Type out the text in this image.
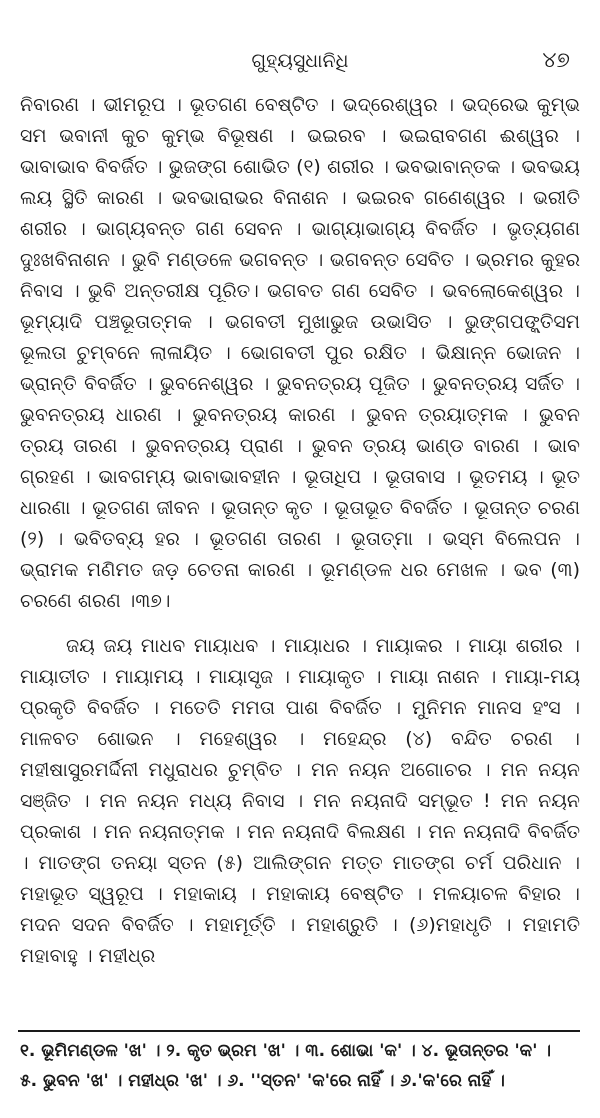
ଗୁହ୍ୟସୁଧାନିଧି	୪୭

ନିବାରଣ । ଭୀମରୂପ । ଭୂତଗଣ ବେଷ୍ଟିତ । ଭଦ୍ରେଶ୍ୱର । ଭଦ୍ରେଭ କୁମ୍ଭ ସମ ଭବାନୀ କୁଚ କୁମ୍ଭ ବିଭୂଷଣ । ଭଇରବ । ଭଇରାବଗଣ ଈଶ୍ୱର । ଭାବାଭାବ ବିବର୍ଜିତ । ଭୁଜଙ୍ଗ ଶୋଭିତ (୧) ଶରୀର । ଭବଭାବାନ୍ତକ । ଭବଭୟ ଲୟ ସ୍ଥିତି କାରଣ । ଭବଭାରାଭର ବିନାଶନ । ଭଇରବ ଗଣେଶ୍ୱର । ଭରୀତି ଶରୀର । ଭାଗ୍ୟବନ୍ତ ଗଣ ସେବନ । ଭାଗ୍ୟାଭାଗ୍ୟ ବିବର୍ଜିତ । ଭୃତ୍ୟଗଣ ଦୁଃଖବିନାଶନ । ଭୁବି ମଣ୍ଡଳେ ଭଗବନ୍ତ । ଭଗବନ୍ତ ସେବିତ । ଭ୍ରମର କୁହର ନିବାସ । ଭୁବି ଅନ୍ତରୀକ୍ଷ ପୂରିତ। ଭଗବତ ଗଣ ସେବିତ । ଭବଲୋକେଶ୍ୱର । ଭୂମ୍ୟାଦି ପଞ୍ଚଭୂତାତ୍ମକ । ଭଗବତୀ ମୁଖାଭୁଜ ଉଭାସିତ । ଭୁଙ୍ଗପଙ୍କ୍ତିସମ ଭୂଲତା ଚୁମ୍ବନେ ଲାଳାୟିତ । ଭୋଗବତୀ ପୁର ରକ୍ଷିତ । ଭିକ୍ଷାନ୍ନ ଭୋଜନ । ଭ୍ରାନ୍ତି ବିବର୍ଜିତ । ଭୁବନେଶ୍ୱର । ଭୁବନତ୍ରୟ ପୂଜିତ । ଭୁବନତ୍ରୟ ସର୍ଜିତ । ଭୁବନତ୍ରୟ ଧାରଣ । ଭୁବନତ୍ରୟ କାରଣ । ଭୁବନ ତ୍ରୟାତ୍ମକ । ଭୁବନ ତ୍ରୟ ତାରଣ । ଭୁବନତ୍ରୟ ପ୍ରାଣ । ଭୁବନ ତ୍ରୟ ଭାଣ୍ଡ ବାରଣ । ଭାବ ଗ୍ରହଣ । ଭାବଗମ୍ୟ ଭାବାଭାବହୀନ । ଭୂତାଧିପ । ଭୂତାବାସ । ଭୂତମୟ । ଭୂତ ଧାରଣା । ଭୂତଗଣ ଜୀବନ । ଭୂତାନ୍ତ କୃତ । ଭୂତାଭୂତ ବିବର୍ଜିତ । ଭୂତାନ୍ତ ଚରଣ (୨) । ଭବିତବ୍ୟ ହର । ଭୂତଗଣ ତାରଣ । ଭୂତାତ୍ମା । ଭସ୍ମ ବିଲେପନ । ଭ୍ରାମକ ମଣିମତ ଜଡ଼ ଚେତନା କାରଣ । ଭୂମଣ୍ଡଳ ଧର ମେଖଳ । ଭବ (୩) ଚରଣେ ଶରଣ ।୩୭।

ଜୟ ଜୟ ମାଧବ ମାୟାଧବ । ମାୟାଧର । ମାୟାକର । ମାୟା ଶରୀର । ମାୟାତୀତ । ମାୟାମୟ । ମାୟାସୃଜ । ମାୟାକୃତ । ମାୟା ନାଶନ । ମାୟା-ମୟ ପ୍ରକୃତି ବିବର୍ଜିତ । ମତେତି ମମତା ପାଶ ବିବର୍ଜିତ । ମୁନିମନ ମାନସ ହଂସ । ମାଳବତ ଶୋଭନ । ମହେଶ୍ୱର । ମହେନ୍ଦ୍ର (୪) ବନ୍ଦିତ ଚରଣ । ମହୀଷାସୁରମର୍ଦ୍ଦିନୀ ମଧୁରାଧର ଚୁମ୍ବିତ । ମନ ନୟନ ଅଗୋଚର । ମନ ନୟନ ସଞ୍ଜିତ । ମନ ନୟନ ମଧ୍ୟ ନିବାସ । ମନ ନୟନାଦି ସମ୍ଭୂତ ! ମନ ନୟନ ପ୍ରକାଶ । ମନ ନୟନାତ୍ମକ । ମନ ନୟନାଦି ବିଲକ୍ଷଣ । ମନ ନୟନାଦି ବିବର୍ଜିତ । ମାତଙ୍ଗ ତନୟା ସ୍ତନ (୫) ଆଲିଙ୍ଗନ ମତ୍ତ ମାତଙ୍ଗ ଚର୍ମ ପରିଧାନ । ମହାଭୂତ ସ୍ୱରୂପ । ମହାକାୟ । ମହାକାୟ ବେଷ୍ଟିତ । ମଳୟାଚଳ ବିହାର । ମଦନ ସଦନ ବିବର୍ଜିତ । ମହାମୂର୍ତ୍ତି । ମହାଶ୍ରୁତି । (୬)ମହାଧୃତି । ମହାମତି ମହାବାହୁ । ମହୀଧ୍ର

୧. ଭୂମିମଣ୍ଡଳ 'ଖ' । ୨. କୃତ ଭ୍ରମ 'ଖ' । ୩. ଶୋଭା 'କ' । ୪. ଭୂତାନ୍ତର 'କ' ।

୫. ଭୁବନ 'ଖ' । ମହୀଧ୍ର 'ଖ' । ୬. ''ସ୍ତନ' 'କ'ରେ ନାହିଁ । ୬.'କ'ରେ ନାହିଁ ।
